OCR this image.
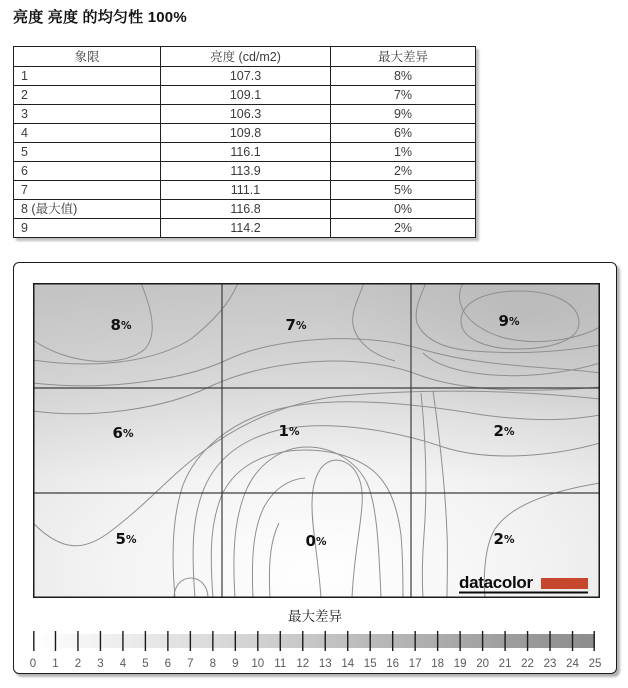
亮度 亮度 的均匀性 100%
象限	亮度 (cd/m2)	最大差异
1	107.3	8%
2	109.1	7%
3	106.3	9%
4	109.8	6%
5	116.1	1%
6	113.9	2%
7	111.1	5%
8 (最大值)	116.8	0%
9	114.2	2%
8%	7%	9%
6%	1%	2%
5%	0%	2%
datacolor
最大差异
0 1 2 3 4 5 6 7 8 9 10 11 12 13 14 15 16 17 18 19 20 21 22 23 24 25
